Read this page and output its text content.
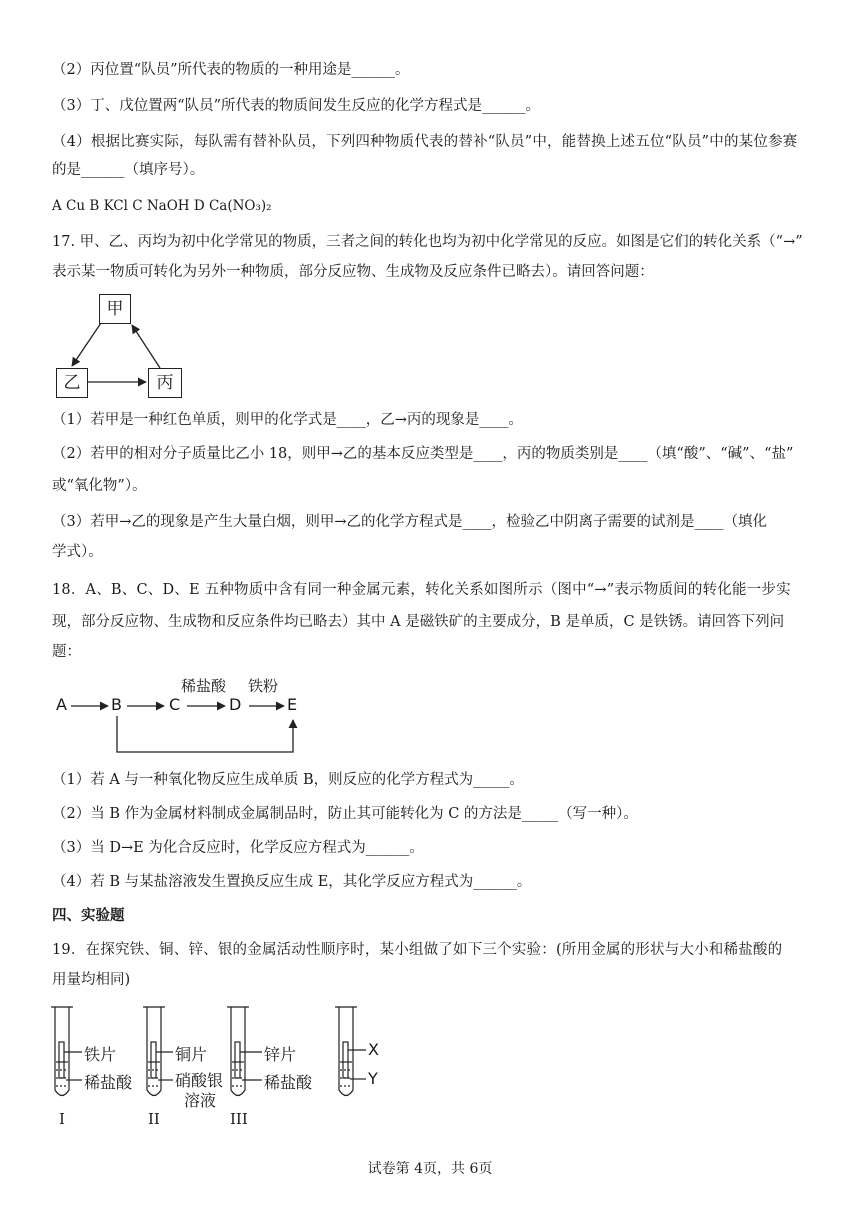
（2）丙位置“队员”所代表的物质的一种用途是______。
（3）丁、戊位置两“队员”所代表的物质间发生反应的化学方程式是______。
（4）根据比赛实际，每队需有替补队员，下列四种物质代表的替补“队员”中，能替换上述五位“队员”中的某位参赛
的是______（填序号）。
A Cu B KCl C NaOH D Ca(NO₃)₂
17. 甲、乙、丙均为初中化学常见的物质，三者之间的转化也均为初中化学常见的反应。如图是它们的转化关系（“→”
表示某一物质可转化为另外一种物质，部分反应物、生成物及反应条件已略去）。请回答问题：
甲
乙	丙
（1）若甲是一种红色单质，则甲的化学式是____，乙→丙的现象是____。
（2）若甲的相对分子质量比乙小 18，则甲→乙的基本反应类型是____，丙的物质类别是____（填“酸”、“碱”、“盐”
或“氧化物”）。
（3）若甲→乙的现象是产生大量白烟，则甲→乙的化学方程式是____，检验乙中阴离子需要的试剂是____（填化
学式）。
18．A、B、C、D、E 五种物质中含有同一种金属元素，转化关系如图所示（图中“→”表示物质间的转化能一步实
现，部分反应物、生成物和反应条件均已略去）其中 A 是磁铁矿的主要成分，B 是单质，C 是铁锈。请回答下列问
题：
A	B	C	D	E
稀盐酸 铁粉
（1）若 A 与一种氧化物反应生成单质 B，则反应的化学方程式为_____。
（2）当 B 作为金属材料制成金属制品时，防止其可能转化为 C 的方法是_____（写一种）。
（3）当 D→E 为化合反应时，化学反应方程式为______。
（4）若 B 与某盐溶液发生置换反应生成 E，其化学反应方程式为______。
四、实验题
19．在探究铁、铜、锌、银的金属活动性顺序时，某小组做了如下三个实验：(所用金属的形状与大小和稀盐酸的
用量均相同)
铁片
稀盐酸
I
铜片
硝酸银
溶液
II
锌片
稀盐酸
III
X
Y
试卷第 4页，共 6页
